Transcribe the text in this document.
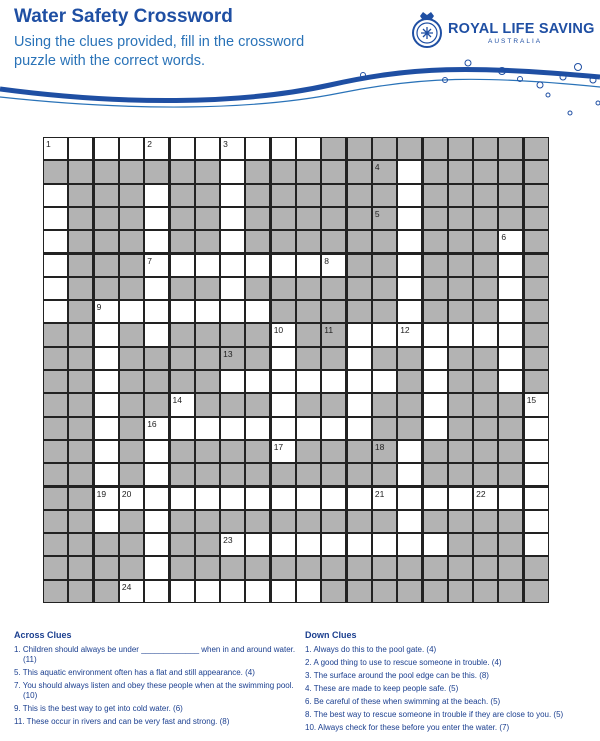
Water Safety Crossword
Using the clues provided, fill in the crossword puzzle with the correct words.
ROYAL LIFE SAVING
AUSTRALIA
1	2	3
4
5
6
7	8
9
10	11	12
13
14	15
16
17	18
19 20	21	22
23
24
Across Clues
1. Children should always be under _____________ when in and around water. (11)
5. This aquatic environment often has a flat and still appearance. (4)
7. You should always listen and obey these people when at the swimming pool. (10)
9. This is the best way to get into cold water. (6)
11. These occur in rivers and can be very fast and strong. (8)
Down Clues
1. Always do this to the pool gate. (4)
2. A good thing to use to rescue someone in trouble. (4)
3. The surface around the pool edge can be this. (8)
4. These are made to keep people safe. (5)
6. Be careful of these when swimming at the beach. (5)
8. The best way to rescue someone in trouble if they are close to you. (5)
10. Always check for these before you enter the water. (7)
